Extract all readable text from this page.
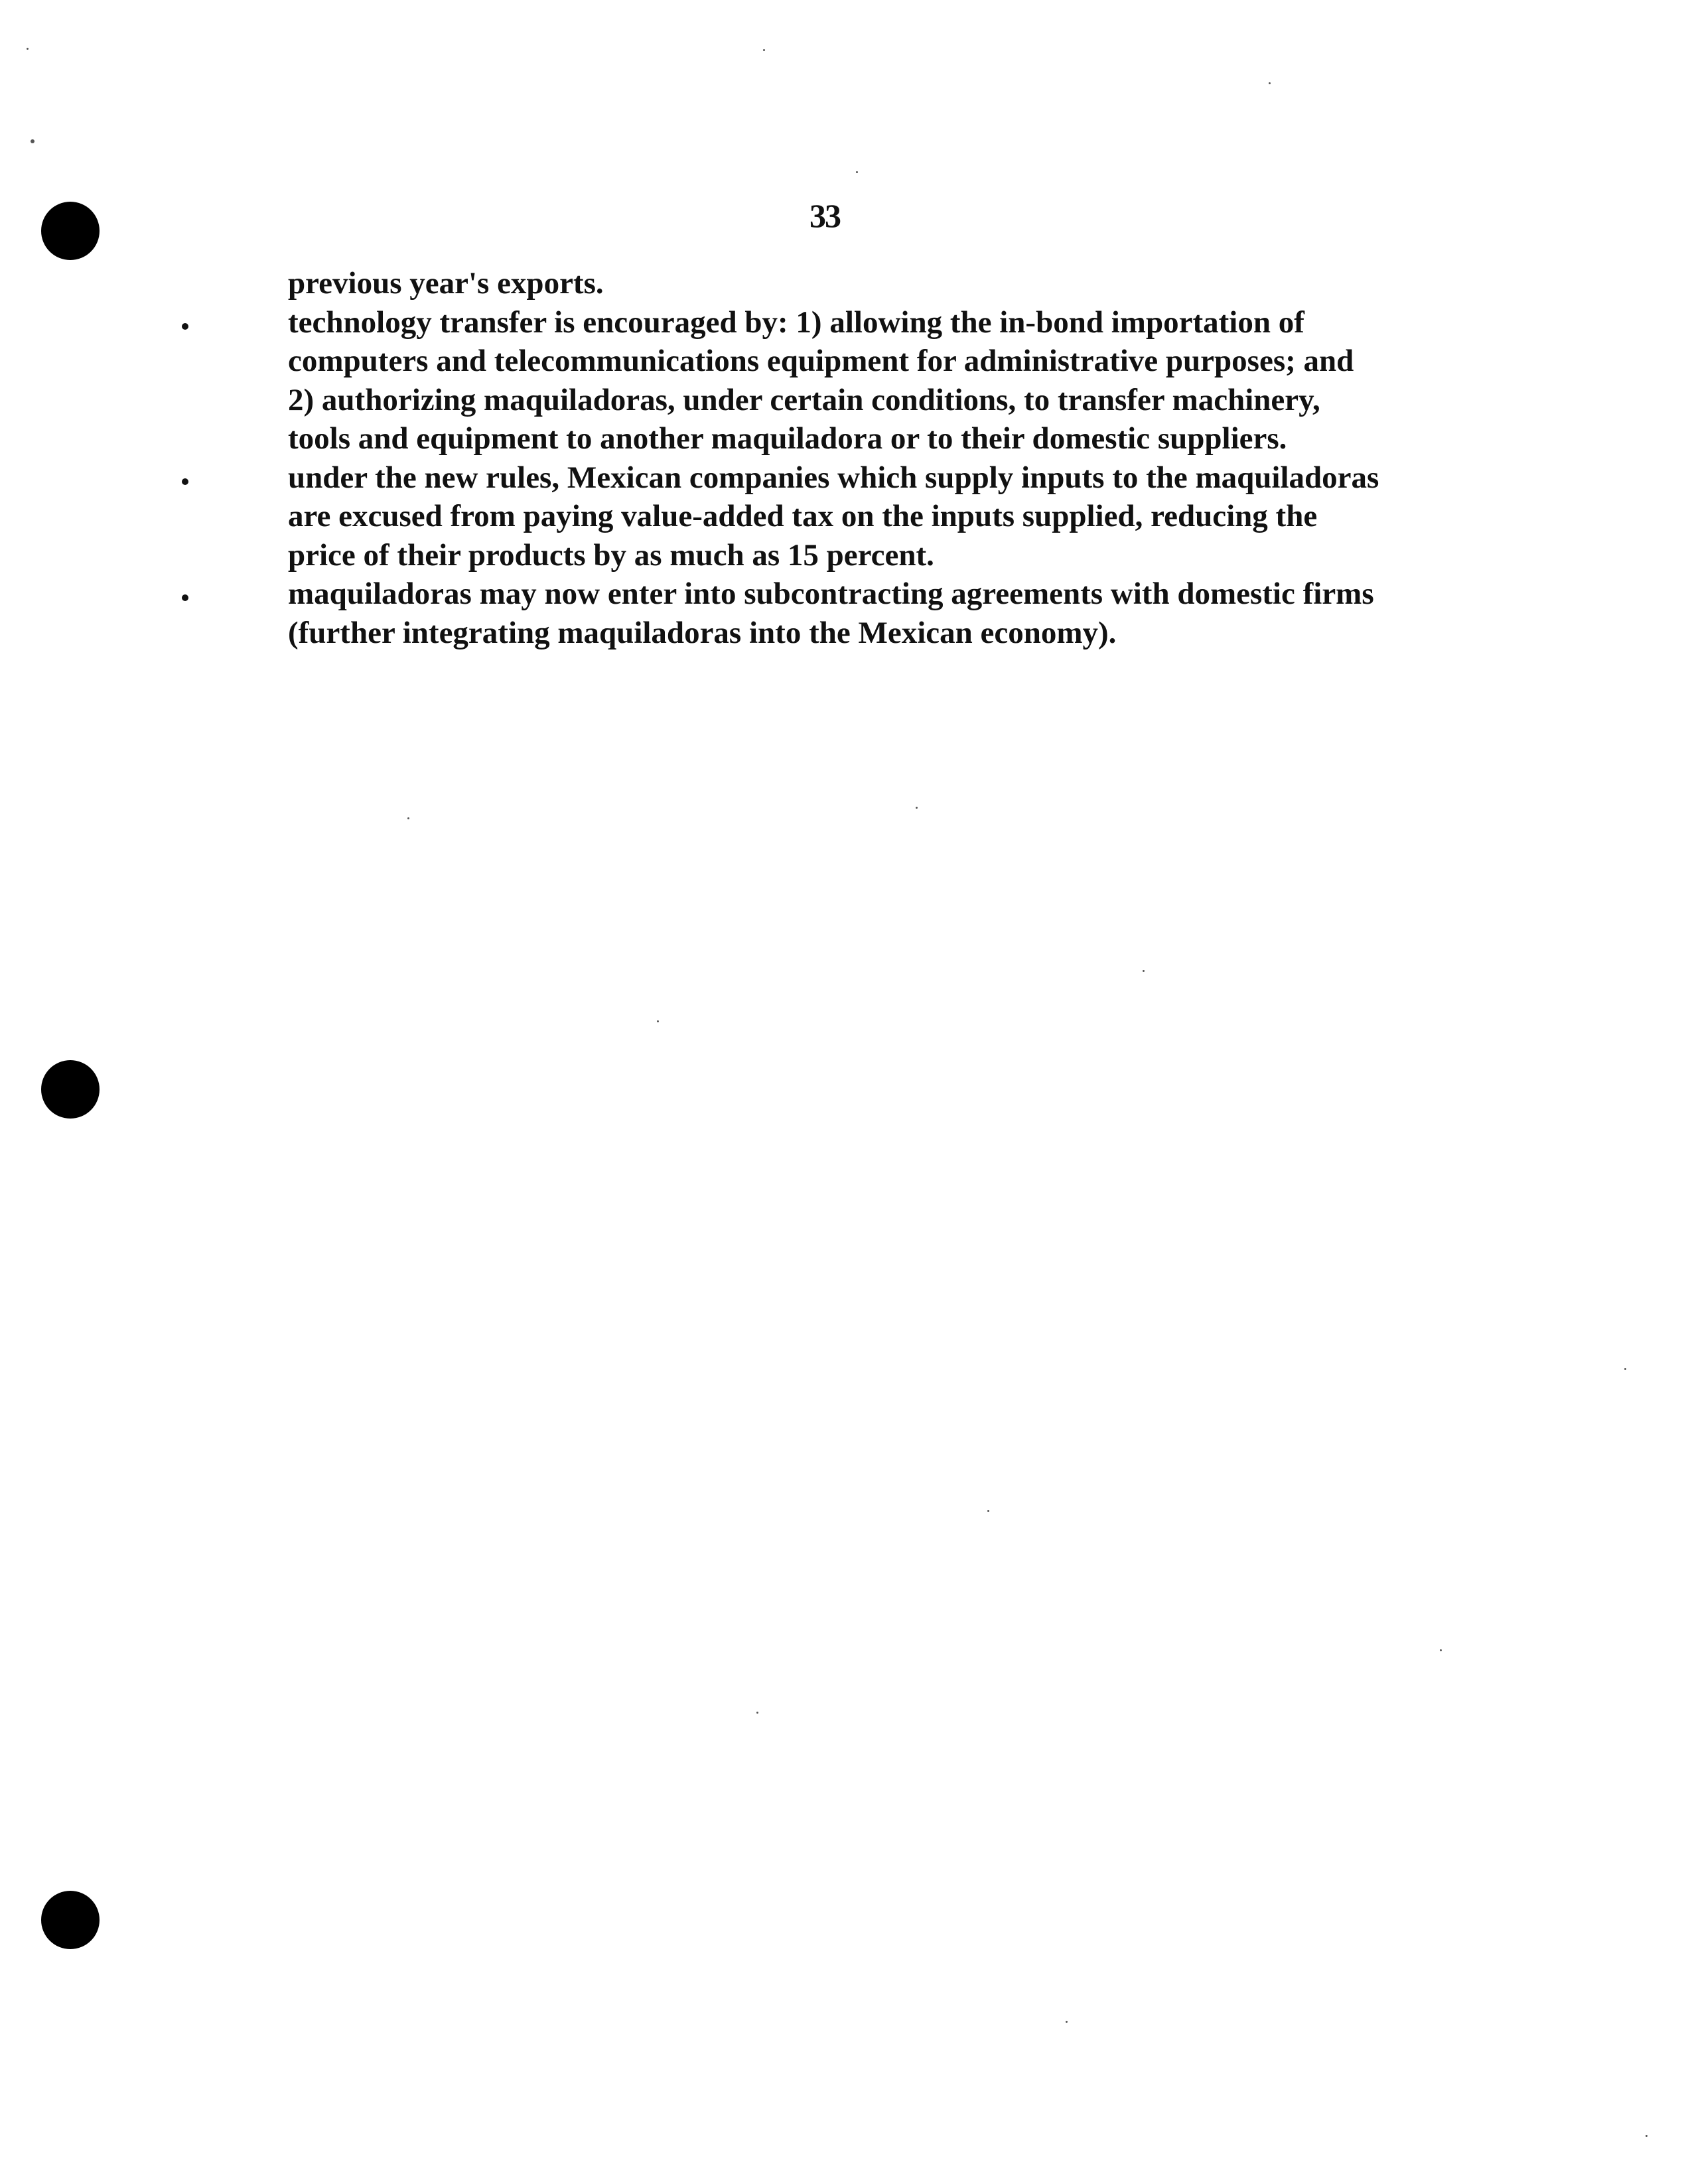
33
previous year's exports.
technology transfer is encouraged by: 1) allowing the in-bond importation of
computers and telecommunications equipment for administrative purposes; and
2) authorizing maquiladoras, under certain conditions, to transfer machinery,
tools and equipment to another maquiladora or to their domestic suppliers.
under the new rules, Mexican companies which supply inputs to the maquiladoras
are excused from paying value-added tax on the inputs supplied, reducing the
price of their products by as much as 15 percent.
maquiladoras may now enter into subcontracting agreements with domestic firms
(further integrating maquiladoras into the Mexican economy).
